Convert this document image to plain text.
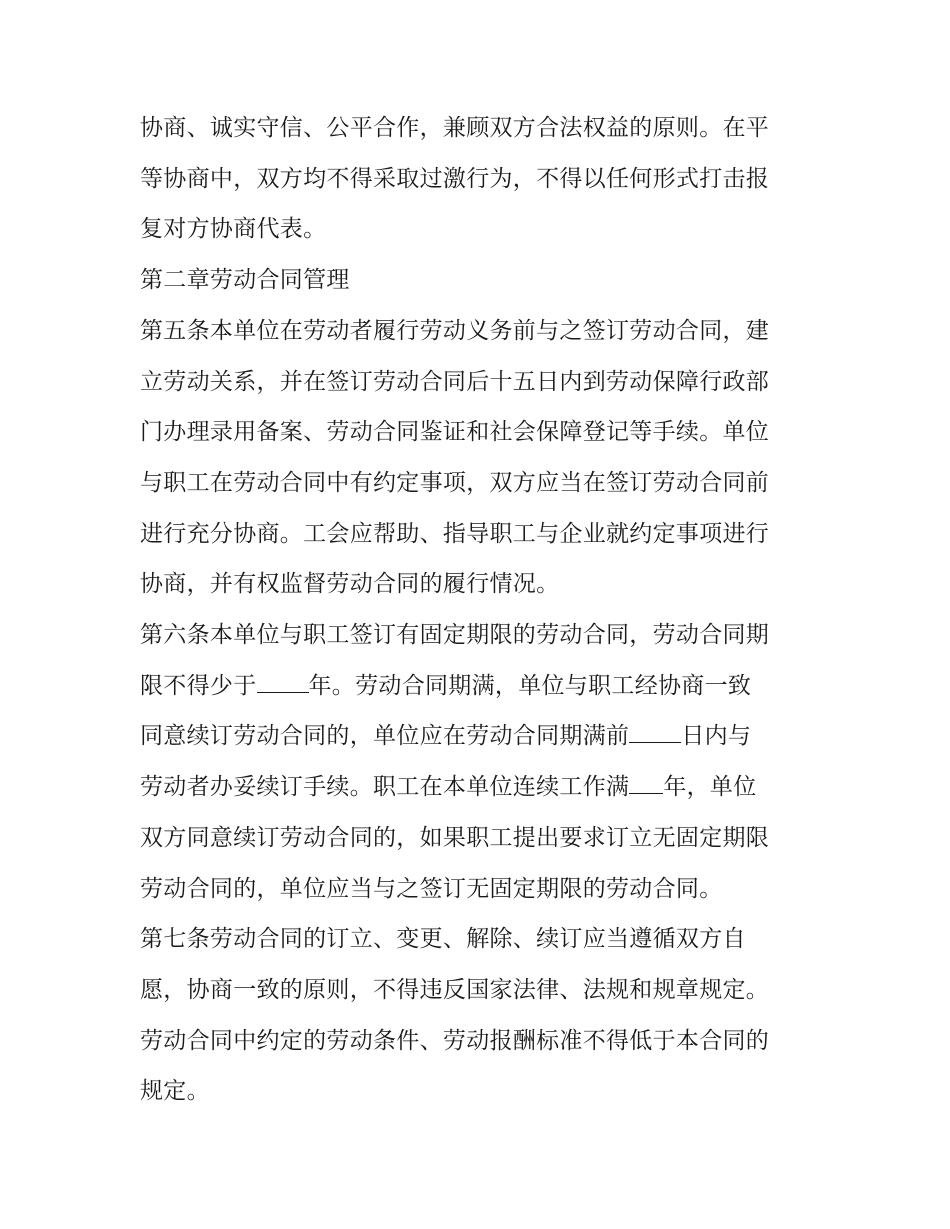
协商、诚实守信、公平合作，兼顾双方合法权益的原则。在平
等协商中，双方均不得采取过激行为，不得以任何形式打击报
复对方协商代表。

第二章劳动合同管理

第五条本单位在劳动者履行劳动义务前与之签订劳动合同，建
立劳动关系，并在签订劳动合同后十五日内到劳动保障行政部
门办理录用备案、劳动合同鉴证和社会保障登记等手续。单位
与职工在劳动合同中有约定事项，双方应当在签订劳动合同前
进行充分协商。工会应帮助、指导职工与企业就约定事项进行
协商，并有权监督劳动合同的履行情况。

第六条本单位与职工签订有固定期限的劳动合同，劳动合同期
限不得少于 年。劳动合同期满，单位与职工经协商一致
同意续订劳动合同的，单位应在劳动合同期满前 日内与
劳动者办妥续订手续。职工在本单位连续工作满 年，单位
双方同意续订劳动合同的，如果职工提出要求订立无固定期限
劳动合同的，单位应当与之签订无固定期限的劳动合同。

第七条劳动合同的订立、变更、解除、续订应当遵循双方自
愿，协商一致的原则，不得违反国家法律、法规和规章规定。
劳动合同中约定的劳动条件、劳动报酬标准不得低于本合同的
规定。
